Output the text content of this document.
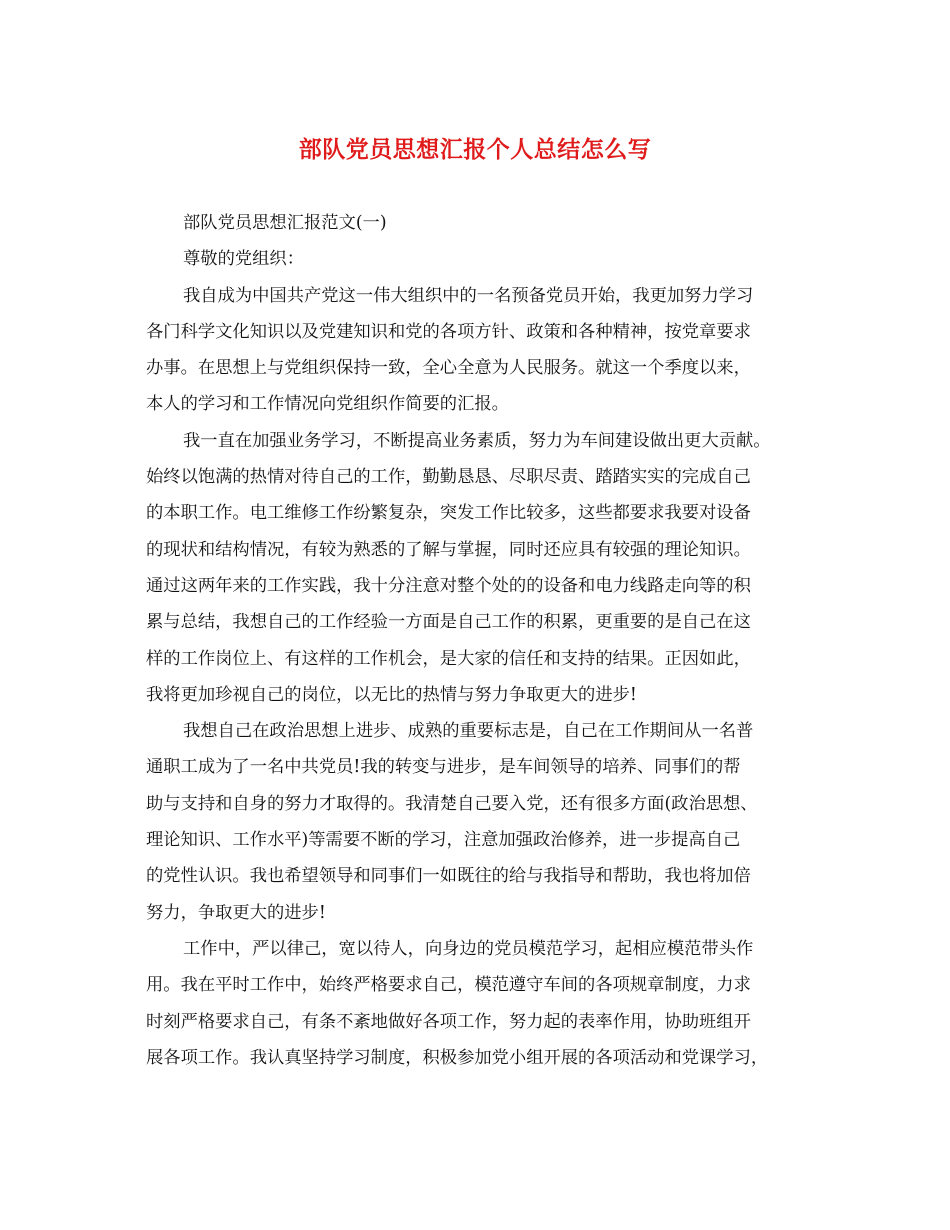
部队党员思想汇报个人总结怎么写
部队党员思想汇报范文(一)
尊敬的党组织：
我自成为中国共产党这一伟大组织中的一名预备党员开始，我更加努力学习
各门科学文化知识以及党建知识和党的各项方针、政策和各种精神，按党章要求
办事。在思想上与党组织保持一致，全心全意为人民服务。就这一个季度以来，
本人的学习和工作情况向党组织作简要的汇报。
我一直在加强业务学习，不断提高业务素质，努力为车间建设做出更大贡献。
始终以饱满的热情对待自己的工作，勤勤恳恳、尽职尽责、踏踏实实的完成自己
的本职工作。电工维修工作纷繁复杂，突发工作比较多，这些都要求我要对设备
的现状和结构情况，有较为熟悉的了解与掌握，同时还应具有较强的理论知识。
通过这两年来的工作实践，我十分注意对整个处的的设备和电力线路走向等的积
累与总结，我想自己的工作经验一方面是自己工作的积累，更重要的是自己在这
样的工作岗位上、有这样的工作机会，是大家的信任和支持的结果。正因如此，
我将更加珍视自己的岗位，以无比的热情与努力争取更大的进步!
我想自己在政治思想上进步、成熟的重要标志是，自己在工作期间从一名普
通职工成为了一名中共党员!我的转变与进步，是车间领导的培养、同事们的帮
助与支持和自身的努力才取得的。我清楚自己要入党，还有很多方面(政治思想、
理论知识、工作水平)等需要不断的学习，注意加强政治修养，进一步提高自己
的党性认识。我也希望领导和同事们一如既往的给与我指导和帮助，我也将加倍
努力，争取更大的进步!
工作中，严以律己，宽以待人，向身边的党员模范学习，起相应模范带头作
用。我在平时工作中，始终严格要求自己，模范遵守车间的各项规章制度，力求
时刻严格要求自己，有条不紊地做好各项工作，努力起的表率作用，协助班组开
展各项工作。我认真坚持学习制度，积极参加党小组开展的各项活动和党课学习，
